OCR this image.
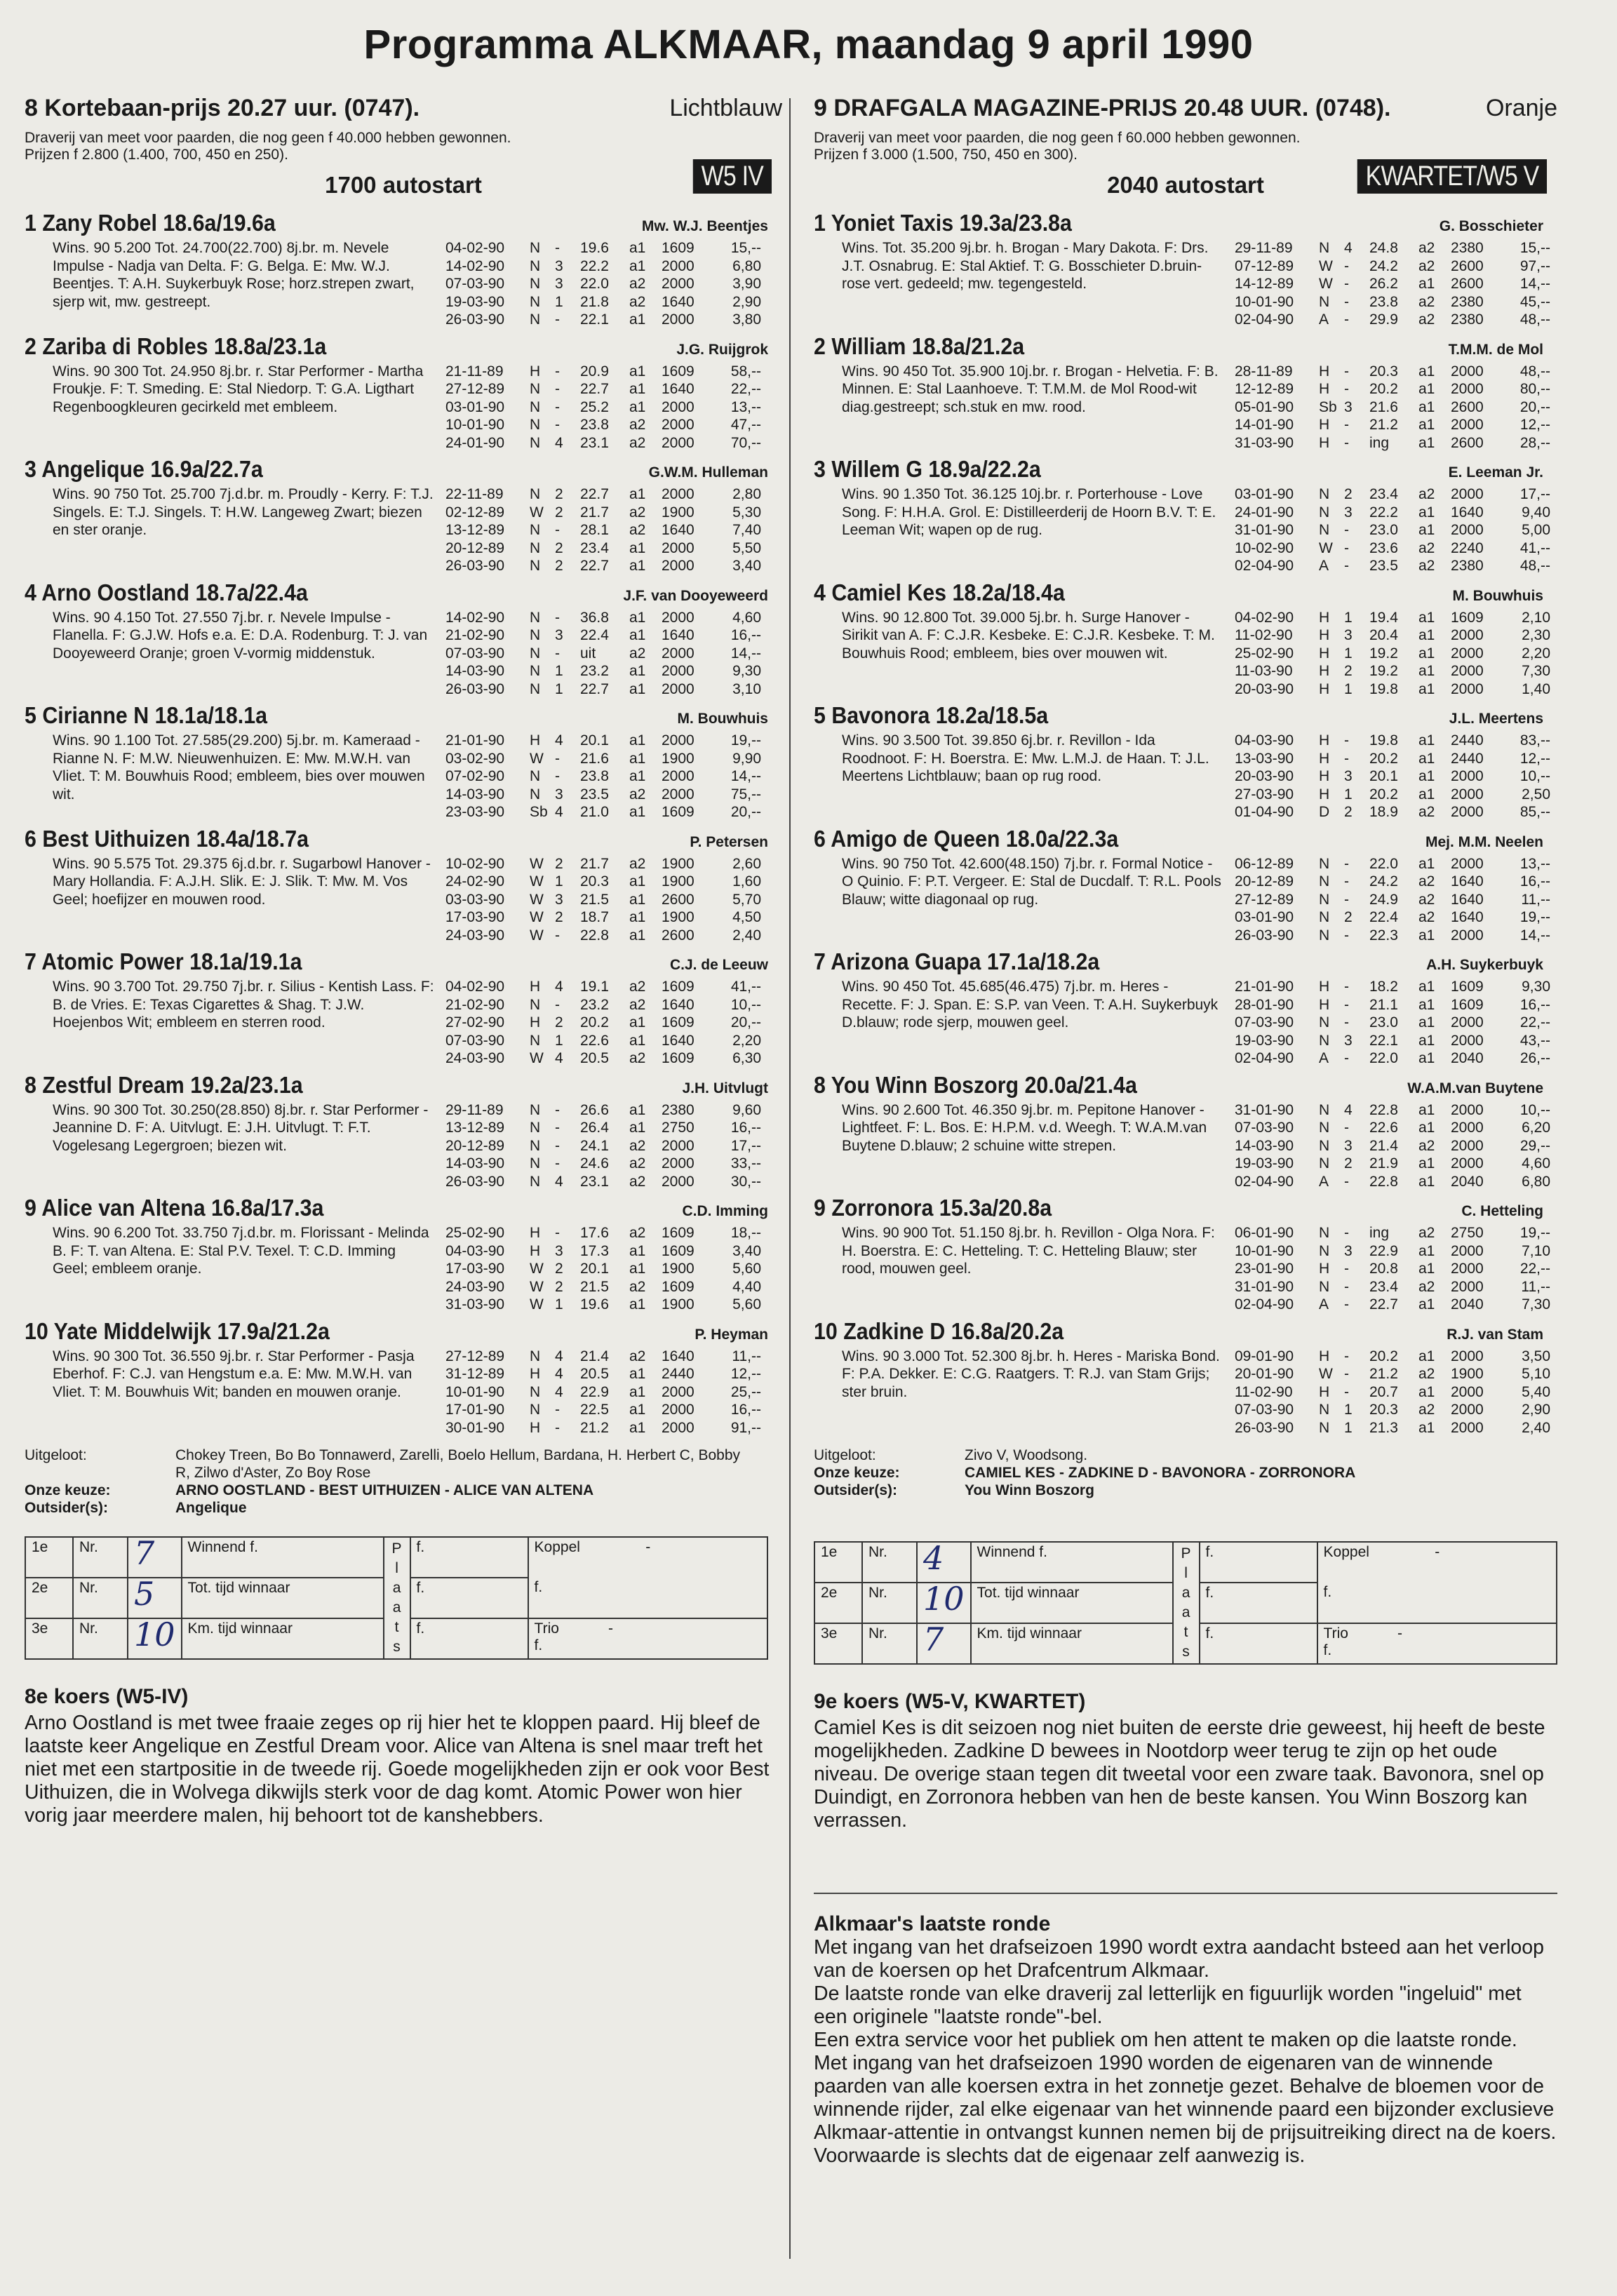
Programma ALKMAAR, maandag 9 april 1990
8 Kortebaan-prijs 20.27 uur. (0747).	Lichtblauw
Draverij van meet voor paarden, die nog geen f 40.000 hebben gewonnen.
Prijzen f 2.800 (1.400, 700, 450 en 250).
1700 autostart	W5 IV
1 Zany Robel 18.6a/19.6a	Mw. W.J. Beentjes
Wins. 90 5.200 Tot. 24.700(22.700) 8j.br. m. Nevele Impulse - Nadja van Delta. F: G. Belga. E: Mw. W.J. Beentjes. T: A.H. Suykerbuyk Rose; horz.strepen zwart, sjerp wit, mw. gestreept.
04-02-90 N - 19.6 a1 1609 15,--
14-02-90 N 3 22.2 a1 2000	6,80
07-03-90 N 3 22.0 a2 2000	3,90
19-03-90 N 1 21.8 a2 1640	2,90
26-03-90 N - 22.1 a1 2000	3,80
2 Zariba di Robles 18.8a/23.1a	J.G. Ruijgrok
Wins. 90 300 Tot. 24.950 8j.br. r. Star Performer - Martha Froukje. F: T. Smeding. E: Stal Niedorp. T: G.A. Ligthart Regenboogkleuren gecirkeld met embleem.
21-11-89 H - 20.9 a1 1609 58,--
27-12-89 N - 22.7 a1 1640 22,--
03-01-90 N - 25.2 a1 2000 13,--
10-01-90 N - 23.8 a2 2000 47,--
24-01-90 N 4 23.1 a2 2000 70,--
3 Angelique 16.9a/22.7a	G.W.M. Hulleman
Wins. 90 750 Tot. 25.700 7j.d.br. m. Proudly - Kerry. F: T.J. Singels. E: T.J. Singels. T: H.W. Langeweg Zwart; biezen en ster oranje.
22-11-89 N 2 22.7 a1 2000	2,80
02-12-89 W 2 21.7 a2 1900	5,30
13-12-89 N - 28.1 a2 1640	7,40
20-12-89 N 2 23.4 a1 2000	5,50
26-03-90 N 2 22.7 a1 2000	3,40
4 Arno Oostland 18.7a/22.4a	J.F. van Dooyeweerd
Wins. 90 4.150 Tot. 27.550 7j.br. r. Nevele Impulse - Flanella. F: G.J.W. Hofs e.a. E: D.A. Rodenburg. T: J. van Dooyeweerd Oranje; groen V-vormig middenstuk.
14-02-90 N - 36.8 a1 2000	4,60
21-02-90 N 3 22.4 a1 1640 16,--
07-03-90 N - uit a2 2000 14,--
14-03-90 N 1 23.2 a1 2000	9,30
26-03-90 N 1 22.7 a1 2000	3,10
5 Cirianne N 18.1a/18.1a	M. Bouwhuis
Wins. 90 1.100 Tot. 27.585(29.200) 5j.br. m. Kameraad - Rianne N. F: M.W. Nieuwenhuizen. E: Mw. M.W.H. van Vliet. T: M. Bouwhuis Rood; embleem, bies over mouwen wit.
21-01-90 H 4 20.1 a1 2000 19,--
03-02-90 W - 21.6 a1 1900	9,90
07-02-90 N - 23.8 a1 2000 14,--
14-03-90 N 3 23.5 a2 2000 75,--
23-03-90 Sb 4 21.0 a1 1609 20,--
6 Best Uithuizen 18.4a/18.7a	P. Petersen
Wins. 90 5.575 Tot. 29.375 6j.d.br. r. Sugarbowl Hanover - Mary Hollandia. F: A.J.H. Slik. E: J. Slik. T: Mw. M. Vos Geel; hoefijzer en mouwen rood.
10-02-90 W 2 21.7 a2 1900	2,60
24-02-90 W 1 20.3 a1 1900	1,60
03-03-90 W 3 21.5 a1 2600	5,70
17-03-90 W 2 18.7 a1 1900	4,50
24-03-90 W - 22.8 a1 2600	2,40
7 Atomic Power 18.1a/19.1a	C.J. de Leeuw
Wins. 90 3.700 Tot. 29.750 7j.br. r. Silius - Kentish Lass. F: B. de Vries. E: Texas Cigarettes & Shag. T: J.W. Hoejenbos Wit; embleem en sterren rood.
04-02-90 H 4 19.1 a2 1609 41,--
21-02-90 N - 23.2 a2 1640 10,--
27-02-90 H 2 20.2 a1 1609 20,--
07-03-90 N 1 22.6 a1 1640	2,20
24-03-90 W 4 20.5 a2 1609	6,30
8 Zestful Dream 19.2a/23.1a	J.H. Uitvlugt
Wins. 90 300 Tot. 30.250(28.850) 8j.br. r. Star Performer - Jeannine D. F: A. Uitvlugt. E: J.H. Uitvlugt. T: F.T. Vogelesang Legergroen; biezen wit.
29-11-89 N - 26.6 a1 2380	9,60
13-12-89 N - 26.4 a1 2750 16,--
20-12-89 N - 24.1 a2 2000 17,--
14-03-90 N - 24.6 a2 2000 33,--
26-03-90 N 4 23.1 a2 2000 30,--
9 Alice van Altena 16.8a/17.3a	C.D. Imming
Wins. 90 6.200 Tot. 33.750 7j.d.br. m. Florissant - Melinda B. F: T. van Altena. E: Stal P.V. Texel. T: C.D. Imming Geel; embleem oranje.
25-02-90 H - 17.6 a2 1609 18,--
04-03-90 H 3 17.3 a1 1609	3,40
17-03-90 W 2 20.1 a1 1900	5,60
24-03-90 W 2 21.5 a2 1609	4,40
31-03-90 W 1 19.6 a1 1900	5,60
10 Yate Middelwijk 17.9a/21.2a	P. Heyman
Wins. 90 300 Tot. 36.550 9j.br. r. Star Performer - Pasja Eberhof. F: C.J. van Hengstum e.a. E: Mw. M.W.H. van Vliet. T: M. Bouwhuis Wit; banden en mouwen oranje.
27-12-89 N 4 21.4 a2 1640	11,--
31-12-89 H 4 20.5 a1 2440 12,--
10-01-90 N 4 22.9 a1 2000 25,--
17-01-90 N - 22.5 a1 2000 16,--
30-01-90 H - 21.2 a1 2000 91,--
Uitgeloot:	Chokey Treen, Bo Bo Tonnawerd, Zarelli, Boelo Hellum, Bardana, H. Herbert C, Bobby R, Zilwo d'Aster, Zo Boy Rose
Onze keuze:	ARNO OOSTLAND - BEST UITHUIZEN - ALICE VAN ALTENA
Outsider(s):	Angelique
1e	Nr.	7	Winnend f.	P l a a t s	f.	Koppel -
2e	Nr.	5	Tot. tijd winnaar		f.	f.
3e	Nr.	10	Km. tijd winnaar		f.	Trio -
f.
8e koers (W5-IV)
Arno Oostland is met twee fraaie zeges op rij hier het te kloppen paard. Hij bleef de laatste keer Angelique en Zestful Dream voor. Alice van Altena is snel maar treft het niet met een startpositie in de tweede rij. Goede mogelijkheden zijn er ook voor Best Uithuizen, die in Wolvega dikwijls sterk voor de dag komt. Atomic Power won hier vorig jaar meerdere malen, hij behoort tot de kanshebbers.
9 DRAFGALA MAGAZINE-PRIJS 20.48 UUR. (0748).	Oranje
Draverij van meet voor paarden, die nog geen f 60.000 hebben gewonnen.
Prijzen f 3.000 (1.500, 750, 450 en 300).
2040 autostart	KWARTET/W5 V
1 Yoniet Taxis 19.3a/23.8a	G. Bosschieter
Wins. Tot. 35.200 9j.br. h. Brogan - Mary Dakota. F: Drs. J.T. Osnabrug. E: Stal Aktief. T: G. Bosschieter D.bruin-rose vert. gedeeld; mw. tegengesteld.
29-11-89 N 4 24.8 a2 2380 15,--
07-12-89 W - 24.2 a2 2600 97,--
14-12-89 W - 26.2 a1 2600 14,--
10-01-90 N - 23.8 a2 2380 45,--
02-04-90 A - 29.9 a2 2380 48,--
2 William 18.8a/21.2a	T.M.M. de Mol
Wins. 90 450 Tot. 35.900 10j.br. r. Brogan - Helvetia. F: B. Minnen. E: Stal Laanhoeve. T: T.M.M. de Mol Rood-wit diag.gestreept; sch.stuk en mw. rood.
28-11-89 H - 20.3 a1 2000 48,--
12-12-89 H - 20.2 a1 2000 80,--
05-01-90 Sb 3 21.6 a1 2600 20,--
14-01-90 H - 21.2 a1 2000 12,--
31-03-90 H - ing a1 2600 28,--
3 Willem G 18.9a/22.2a	E. Leeman Jr.
Wins. 90 1.350 Tot. 36.125 10j.br. r. Porterhouse - Love Song. F: H.H.A. Grol. E: Distilleerderij de Hoorn B.V. T: E. Leeman Wit; wapen op de rug.
03-01-90 N 2 23.4 a2 2000 17,--
24-01-90 N 3 22.2 a1 1640	9,40
31-01-90 N - 23.0 a1 2000	5,00
10-02-90 W - 23.6 a2 2240 41,--
02-04-90 A - 23.5 a2 2380 48,--
4 Camiel Kes 18.2a/18.4a	M. Bouwhuis
Wins. 90 12.800 Tot. 39.000 5j.br. h. Surge Hanover - Sirikit van A. F: C.J.R. Kesbeke. E: C.J.R. Kesbeke. T: M. Bouwhuis Rood; embleem, bies over mouwen wit.
04-02-90 H 1 19.4 a1 1609	2,10
11-02-90 H 3 20.4 a1 2000	2,30
25-02-90 H 1 19.2 a1 2000	2,20
11-03-90 H 2 19.2 a1 2000	7,30
20-03-90 H 1 19.8 a1 2000	1,40
5 Bavonora 18.2a/18.5a	J.L. Meertens
Wins. 90 3.500 Tot. 39.850 6j.br. r. Revillon - Ida Roodnoot. F: H. Boerstra. E: Mw. L.M.J. de Haan. T: J.L. Meertens Lichtblauw; baan op rug rood.
04-03-90 H - 19.8 a1 2440 83,--
13-03-90 H - 20.2 a1 2440 12,--
20-03-90 H 3 20.1 a1 2000 10,--
27-03-90 H 1 20.2 a1 2000	2,50
01-04-90 D 2 18.9 a2 2000 85,--
6 Amigo de Queen 18.0a/22.3a	Mej. M.M. Neelen
Wins. 90 750 Tot. 42.600(48.150) 7j.br. r. Formal Notice - O Quinio. F: P.T. Vergeer. E: Stal de Ducdalf. T: R.L. Pools Blauw; witte diagonaal op rug.
06-12-89 N - 22.0 a1 2000 13,--
20-12-89 N - 24.2 a2 1640 16,--
27-12-89 N - 24.9 a2 1640	11,--
03-01-90 N 2 22.4 a2 1640 19,--
26-03-90 N - 22.3 a1 2000 14,--
7 Arizona Guapa 17.1a/18.2a	A.H. Suykerbuyk
Wins. 90 450 Tot. 45.685(46.475) 7j.br. m. Heres - Recette. F: J. Span. E: S.P. van Veen. T: A.H. Suykerbuyk D.blauw; rode sjerp, mouwen geel.
21-01-90 H - 18.2 a1 1609	9,30
28-01-90 H - 21.1 a1 1609 16,--
07-03-90 N - 23.0 a1 2000 22,--
19-03-90 N 3 22.1 a1 2000 43,--
02-04-90 A - 22.0 a1 2040 26,--
8 You Winn Boszorg 20.0a/21.4a	W.A.M.van Buytene
Wins. 90 2.600 Tot. 46.350 9j.br. m. Pepitone Hanover - Lightfeet. F: L. Bos. E: H.P.M. v.d. Weegh. T: W.A.M.van Buytene D.blauw; 2 schuine witte strepen.
31-01-90 N 4 22.8 a1 2000 10,--
07-03-90 N - 22.6 a1 2000	6,20
14-03-90 N 3 21.4 a2 2000 29,--
19-03-90 N 2 21.9 a1 2000	4,60
02-04-90 A - 22.8 a1 2040	6,80
9 Zorronora 15.3a/20.8a	C. Hetteling
Wins. 90 900 Tot. 51.150 8j.br. h. Revillon - Olga Nora. F: H. Boerstra. E: C. Hetteling. T: C. Hetteling Blauw; ster rood, mouwen geel.
06-01-90 N - ing a2 2750 19,--
10-01-90 N 3 22.9 a1 2000	7,10
23-01-90 H - 20.8 a1 2000 22,--
31-01-90 N - 23.4 a2 2000	11,--
02-04-90 A - 22.7 a1 2040	7,30
10 Zadkine D 16.8a/20.2a	R.J. van Stam
Wins. 90 3.000 Tot. 52.300 8j.br. h. Heres - Mariska Bond. F: P.A. Dekker. E: C.G. Raatgers. T: R.J. van Stam Grijs; ster bruin.
09-01-90 H - 20.2 a1 2000	3,50
20-01-90 W - 21.2 a2 1900	5,10
11-02-90 H - 20.7 a1 2000	5,40
07-03-90 N 1 20.3 a2 2000	2,90
26-03-90 N 1 21.3 a1 2000	2,40
Uitgeloot:	Zivo V, Woodsong.
Onze keuze:	CAMIEL KES - ZADKINE D - BAVONORA - ZORRONORA
Outsider(s):	You Winn Boszorg
1e	Nr.	4	Winnend f.	P l a a t s	f.	Koppel -
2e	Nr.	10	Tot. tijd winnaar		f.	f.
3e	Nr.	7	Km. tijd winnaar		f.	Trio -
f.
9e koers (W5-V, KWARTET)
Camiel Kes is dit seizoen nog niet buiten de eerste drie geweest, hij heeft de beste mogelijkheden. Zadkine D bewees in Nootdorp weer terug te zijn op het oude niveau. De overige staan tegen dit tweetal voor een zware taak. Bavonora, snel op Duindigt, en Zorronora hebben van hen de beste kansen. You Winn Boszorg kan verrassen.
Alkmaar's laatste ronde
Met ingang van het drafseizoen 1990 wordt extra aandacht bsteed aan het verloop van de koersen op het Drafcentrum Alkmaar.
De laatste ronde van elke draverij zal letterlijk en figuurlijk worden "ingeluid" met een originele "laatste ronde"-bel.
Een extra service voor het publiek om hen attent te maken op die laatste ronde.
Met ingang van het drafseizoen 1990 worden de eigenaren van de winnende paarden van alle koersen extra in het zonnetje gezet. Behalve de bloemen voor de winnende rijder, zal elke eigenaar van het winnende paard een bijzonder exclusieve Alkmaar-attentie in ontvangst kunnen nemen bij de prijsuitreiking direct na de koers. Voorwaarde is slechts dat de eigenaar zelf aanwezig is.
